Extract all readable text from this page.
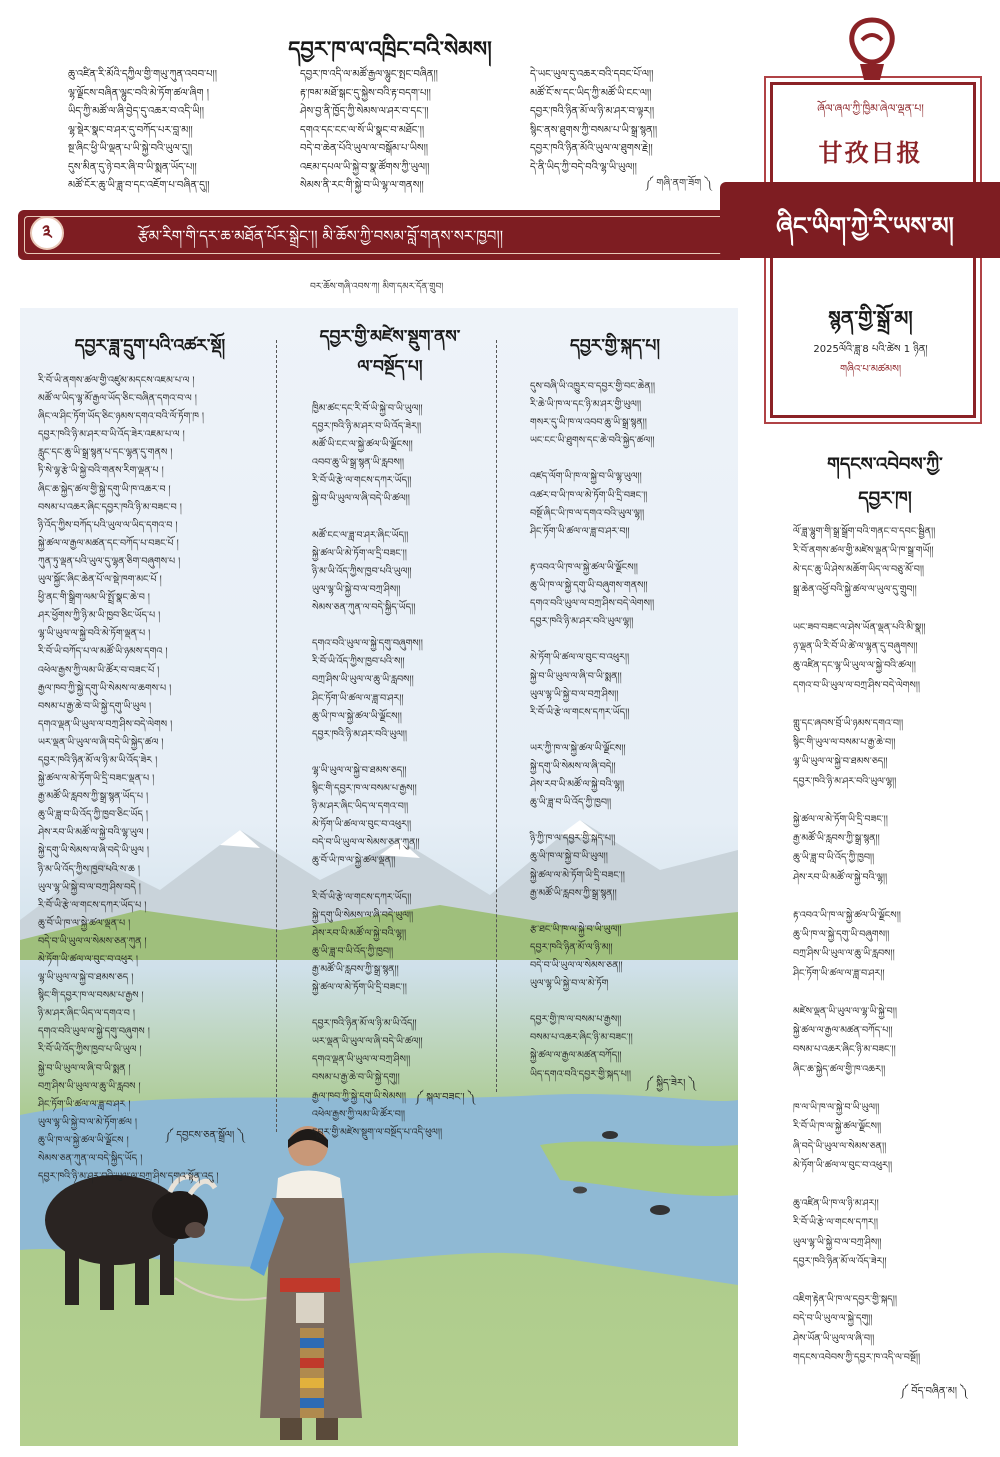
དབྱར་ཁ་ལ་འཁྲིང་བའི་སེམས།
ཆུ་འཛིན་རི་མོའི་དཀྱིལ་གྱི་གཡུ་ཀུན་འབབ་པ།།
ལྷ་ལྗོངས་བཞིན་ལྷུང་བའི་མེ་ཏོག་ཚལ་ཞིག །
ཡིད་ཀྱི་མཚོ་ལ་ཞི་བྱེད་དུ་འཆར་བ་འདི་ཡི།།
ལྷ་སྡེར་སྣང་བ་ཤར་དུ་བཀོད་པར་བླ་མ།།
སྔ་ཞིང་ཕྱི་ཡི་ལྡན་པ་ཡི་སྐྱེ་བའི་ཡུལ་དུ།།
དུས་མིན་དུ་ཉེ་བར་ཞི་བ་ཡི་སྨན་ཡོད་པ།།
མཚོ་ངོར་ཆུ་ཡི་ཟླ་བ་དང་འཇོག་པ་བཞིན་དུ།།
དབྱར་ཁ་འདི་ལ་མཚོ་རྒྱལ་ལྷུང་སྤང་བཞིན།།
རྟ་ཁམ་མཐོ་སྒང་དུ་སྐྱེས་བའི་རྟ་བདག་པ།།
ཤེས་བྱ་ནི་ཁྱོད་ཀྱི་སེམས་ལ་ཤར་བ་དང་།།
དགའ་དང་ངང་ལ་སོ་ཡི་སྣང་བ་མཐོང་།།
བདེ་བ་ཆེན་པོའི་ཡུལ་ལ་བསྒོམ་པ་ཡིས།།
འཇམ་དཔལ་ཡི་སྐྱེ་བ་སྣ་ཚོགས་ཀྱི་ཡུལ།།
སེམས་ནི་རང་གི་སྐྱེ་བ་ཡི་ལྷ་ལ་གནས།།
དེ་ཡང་ཡུལ་དུ་འཆར་བའི་དབང་པོ་ལ།།
མཚོ་ངོ་ས་དང་ཡིད་ཀྱི་མཚོ་ཡི་ངང་ལ།།
དབྱར་ཁའི་ཉིན་མོ་ལ་ཉི་མ་ཤར་བ་ལྟར།།
སྙིང་ནས་ཐུགས་ཀྱི་བསམ་པ་ཡི་སྒྲ་སྙན།།
དབྱར་ཁའི་ཉིན་མོའི་ཡུལ་ལ་ཐུགས་རྗེ།།
དེ་ནི་ཡིད་ཀྱི་བདེ་བའི་ལྷ་ཡི་ཡུལ།།
༼ གཞི་ནག་ཟོག ༽
༣	རྩོམ་རིག་གི་དར་ཆ་མཐོན་པོར་སྒྲེང་།། མི་ཆོས་ཀྱི་བསམ་བློ་གནས་སར་ཁྱབ།།
བར་ཆོས་གཞི་འབས་ཀ། མིག་དམར་དོན་གྲུབ།
ཞོལ་ཞལ་ཀྱི་ཁྱིམ་ཞེལ་ལྡན་པ།
甘孜日报
ཞིང་ཡིག་ཀྱེ་རི་ཡས་མ།
སྙན་གྱི་སྒྲོ་མ།
2025ལོའི་ཟླ་8 པའི་ཚེས 1 ཉིན།
གཞིའ་པ་མཚམས།
དབྱར་ཟླ་དྲུག་པའི་འཚར་སྡོ།
རི་བོ་ཡི་ནགས་ཚལ་གྱི་འཛུམ་མདངས་འཇམ་པ་ལ །
མཚོ་ལ་ཡིད་ལྷ་མོ་རྒྱལ་ཡོད་ཅིང་བཞིན་དགའ་བ་ལ །
ཞིང་ལ་ཤིང་ཏོག་ཡོད་ཅིང་ཉམས་དགའ་བའི་ལོ་ཏོག་ཁ །
དབྱར་ཁའི་ཉི་མ་ཤར་བ་ཡི་འོད་ཟེར་འཇམ་པ་ལ །
རླུང་དང་ཆུ་ཡི་སྒྲ་སྙན་པ་དང་ལྷན་དུ་གནས །
ཏི་སེ་ལྷ་རྩེ་ཡི་སྐྱེ་བའི་གནས་རིག་ལྡན་པ །
ཞིང་ཆ་སྐྱེད་ཚལ་གྱི་སྐྱེ་དགུ་ཡི་ཁ་འཆར་བ །
བསམ་པ་འཆར་ཞིང་དབྱར་ཁའི་ཉི་མ་བཟང་བ །
ཉི་འོད་ཀྱིས་བཀོད་པའི་ཡུལ་ལ་ཡིད་དགའ་བ །
སྐྱེ་ཚལ་ལ་རྒྱལ་མཚན་དང་བཀོད་པ་བཟང་པོ །
ཀུན་ཏུ་ལྡན་པའི་ཡུལ་དུ་ལྷན་ཅིག་བཞུགས་པ །
ཡུལ་སྐྱོང་ཞིང་ཆེན་པོ་ལ་སྡེ་ཁག་མང་པོ །
ཕྱི་ནང་གི་སྒྲིག་ལམ་ཡི་སྤྲོ་སྣང་ཆེ་བ །
ཤར་ཕྱོགས་ཀྱི་ཉི་མ་ཡི་ཁྱབ་ཅིང་ཡོད་པ །
ལྷ་ཡི་ཡུལ་ལ་སྐྱེ་བའི་མེ་ཏོག་ལྡན་པ །
རི་བོ་ཡི་བཀོད་པ་ལ་མཚོ་ཡི་ཉམས་དགའ །
འཕེལ་རྒྱས་ཀྱི་ལམ་ཡི་ཚོར་བ་བཟང་པོ །
རྒྱལ་ཁབ་ཀྱི་སྐྱེ་དགུ་ཡི་སེམས་ལ་ཆགས་པ །
བསམ་པ་རྒྱ་ཆེ་བ་ཡི་སྐྱེ་དགུ་ཡི་ཡུལ །
དགའ་ལྡན་ཡི་ཡུལ་ལ་བཀྲ་ཤིས་བདེ་ལེགས །
ཡར་ལྡན་ཡི་ཡུལ་ལ་ཞི་བདེ་ཡི་སྐྱེད་ཚལ །
དབྱར་ཁའི་ཉིན་མོ་ལ་ཉི་མ་ཡི་འོད་ཟེར །
སྐྱེ་ཚལ་ལ་མེ་ཏོག་ཡི་དྲི་བཟང་ལྡན་པ །
རྒྱ་མཚོ་ཡི་རླབས་ཀྱི་སྒྲ་སྙན་ཡོད་པ །
ཆུ་ཡི་ཟླ་བ་ཡི་འོད་ཀྱི་ཁྱབ་ཅིང་ཡོད །
ཤེས་རབ་ཡི་མཚོ་ལ་སྐྱེ་བའི་ལྷ་ཡུལ །
སྐྱེ་དགུ་ཡི་སེམས་ལ་ཞི་བདེ་ཡི་ཡུལ །
ཉི་མ་ཡི་འོད་ཀྱིས་ཁྱབ་པའི་ས་ཆ །
ཡུལ་ལྷ་ཡི་སྐྱེ་བ་ལ་བཀྲ་ཤིས་བདེ །
རི་བོ་ཡི་རྩེ་ལ་གངས་དཀར་ཡོད་པ །
ཆུ་བོ་ཡི་ཁ་ལ་སྐྱེ་ཚལ་ལྡན་པ །
བདེ་བ་ཡི་ཡུལ་ལ་སེམས་ཅན་ཀུན །
མེ་ཏོག་ཡི་ཚལ་ལ་བུང་བ་འཕུར །
ལྷ་ཡི་ཡུལ་ལ་སྐྱེ་བ་ཐམས་ཅད །
སྙིང་གི་དབྱར་ཁ་ལ་བསམ་པ་རྒྱས །
ཉི་མ་ཤར་ཞིང་ཡིད་ལ་དགའ་བ །
དགའ་བའི་ཡུལ་ལ་སྐྱེ་དགུ་བཞུགས །
རི་བོ་ཡི་འོད་ཀྱིས་ཁྱབ་པ་ཡི་ཡུལ །
སྐྱེ་བ་ཡི་ཡུལ་ལ་ཞི་བ་ཡི་སྨན །
བཀྲ་ཤིས་ཡི་ཡུལ་ལ་ཆུ་ཡི་རླབས །
ཤིང་ཏོག་ཡི་ཚལ་ལ་ཟླ་བ་ཤར །
ཡུལ་ལྷ་ཡི་སྐྱེ་བ་ལ་མེ་ཏོག་ཚལ །
ཆུ་ཡི་ཁ་ལ་སྐྱེ་ཚལ་ཡི་ལྗོངས །
སེམས་ཅན་ཀུན་ལ་བདེ་སྐྱིད་ཡོད །
དབྱར་ཁའི་ཉི་མ་ཤར་བའི་ཡུལ་ལ་བཀྲ་ཤིས་དགའ་སྟོན་འདུ །
༼ དབྱངས་ཅན་སྒྲོལ། ༽
དབྱར་གྱི་མཛེས་སྡུག་ནས་
ལ་བསྔོད་པ།
ཁྱིམ་ཚང་དང་རི་བོ་ཡི་སྐྱེ་བ་ཡི་ཡུལ།།
དབྱར་ཁའི་ཉི་མ་ཤར་བ་ཡི་འོད་ཟེར།།
མཚོ་ཡི་ངང་ལ་སྐྱེ་ཚལ་ཡི་ལྗོངས།།
འབབ་ཆུ་ཡི་སྒྲ་སྙན་ཡི་རླབས།།
རི་བོ་ཡི་རྩེ་ལ་གངས་དཀར་ཡོད།།
སྐྱེ་བ་ཡི་ཡུལ་ལ་ཞི་བདེ་ཡི་ཚལ།།

མཚོ་ངང་ལ་ཟླ་བ་ཤར་ཞིང་ཡོད།།
སྐྱེ་ཚལ་ཡི་མེ་ཏོག་ལ་དྲི་བཟང་།།
ཉི་མ་ཡི་འོད་ཀྱིས་ཁྱབ་པའི་ཡུལ།།
ཡུལ་ལྷ་ཡི་སྐྱེ་བ་ལ་བཀྲ་ཤིས།།
སེམས་ཅན་ཀུན་ལ་བདེ་སྐྱིད་ཡོད།།

དགའ་བའི་ཡུལ་ལ་སྐྱེ་དགུ་བཞུགས།།
རི་བོ་ཡི་འོད་ཀྱིས་ཁྱབ་པའི་ས།།
བཀྲ་ཤིས་ཡི་ཡུལ་ལ་ཆུ་ཡི་རླབས།།
ཤིང་ཏོག་ཡི་ཚལ་ལ་ཟླ་བ་ཤར།།
ཆུ་ཡི་ཁ་ལ་སྐྱེ་ཚལ་ཡི་ལྗོངས།།
དབྱར་ཁའི་ཉི་མ་ཤར་བའི་ཡུལ།།

ལྷ་ཡི་ཡུལ་ལ་སྐྱེ་བ་ཐམས་ཅད།།
སྙིང་གི་དབྱར་ཁ་ལ་བསམ་པ་རྒྱས།།
ཉི་མ་ཤར་ཞིང་ཡིད་ལ་དགའ་བ།།
མེ་ཏོག་ཡི་ཚལ་ལ་བུང་བ་འཕུར།།
བདེ་བ་ཡི་ཡུལ་ལ་སེམས་ཅན་ཀུན།།
ཆུ་བོ་ཡི་ཁ་ལ་སྐྱེ་ཚལ་ལྡན།།

རི་བོ་ཡི་རྩེ་ལ་གངས་དཀར་ཡོད།།
སྐྱེ་དགུ་ཡི་སེམས་ལ་ཞི་བདེ་ཡུལ།།
ཤེས་རབ་ཡི་མཚོ་ལ་སྐྱེ་བའི་ལྷ།།
ཆུ་ཡི་ཟླ་བ་ཡི་འོད་ཀྱི་ཁྱབ།།
རྒྱ་མཚོ་ཡི་རླབས་ཀྱི་སྒྲ་སྙན།།
སྐྱེ་ཚལ་ལ་མེ་ཏོག་ཡི་དྲི་བཟང་།།

དབྱར་ཁའི་ཉིན་མོ་ལ་ཉི་མ་ཡི་འོད།།
ཡར་ལྡན་ཡི་ཡུལ་ལ་ཞི་བདེ་ཡི་ཚལ།།
དགའ་ལྡན་ཡི་ཡུལ་ལ་བཀྲ་ཤིས།།
བསམ་པ་རྒྱ་ཆེ་བ་ཡི་སྐྱེ་དགུ།།
རྒྱལ་ཁབ་ཀྱི་སྐྱེ་དགུ་ཡི་སེམས།།
འཕེལ་རྒྱས་ཀྱི་ལམ་ཡི་ཚོར་བ།།
དབྱར་གྱི་མཛེས་སྡུག་ལ་བསྔོད་པ་འདི་ཕུལ།།
༼ སྐལ་བཟང་། ༽
དབྱར་གྱི་སྐད་པ།
དུས་བཞི་ཡི་འཁྱུར་བ་དབྱར་གྱི་བང་ཆེན།།
རི་ཆེ་ཡི་ཁ་ལ་དང་ཉི་མ་ཤར་གྱི་ཡུལ།།
གསར་དུ་ཡི་ཁ་ལ་འབབ་ཆུ་ཡི་སྒྲ་སྙན།།
ཡང་ངང་ཡི་ཐུགས་དང་ཆེ་བའི་སྐྱེད་ཚལ།།

འཛད་ལོག་ཡི་ཁ་ལ་སྐྱེ་བ་ཡི་ལྷ་ཡུལ།།
འཚར་བ་ཡི་ཁ་ལ་མེ་ཏོག་ཡི་དྲི་བཟང་།།
བསྔོ་ཞིང་ཡི་ཁ་ལ་དགའ་བའི་ཡུལ་ལྷ།།
ཤིང་ཏོག་ཡི་ཚལ་ལ་ཟླ་བ་ཤར་བ།།

རྟ་འབའ་ཡི་ཁ་ལ་སྐྱེ་ཚལ་ཡི་ལྗོངས།།
ཆུ་ཡི་ཁ་ལ་སྐྱེ་དགུ་ཡི་བཞུགས་གནས།།
དགའ་བའི་ཡུལ་ལ་བཀྲ་ཤིས་བདེ་ལེགས།།
དབྱར་ཁའི་ཉི་མ་ཤར་བའི་ཡུལ་ལྷ།།

མེ་ཏོག་ཡི་ཚལ་ལ་བུང་བ་འཕུར།།
སྐྱེ་བ་ཡི་ཡུལ་ལ་ཞི་བ་ཡི་སྨན།།
ཡུལ་ལྷ་ཡི་སྐྱེ་བ་ལ་བཀྲ་ཤིས།།
རི་བོ་ཡི་རྩེ་ལ་གངས་དཀར་ཡོད།།

ཡར་ཀྱི་ཁ་ལ་སྐྱེ་ཚལ་ཡི་ལྗོངས།།
སྐྱེ་དགུ་ཡི་སེམས་ལ་ཞི་བདེ།།
ཤེས་རབ་ཡི་མཚོ་ལ་སྐྱེ་བའི་ལྷ།།
ཆུ་ཡི་ཟླ་བ་ཡི་འོད་ཀྱི་ཁྱབ།།

ཉི་ཀྱི་ཁ་ལ་དབྱར་གྱི་སྐད་པ།།
ཆུ་ཡི་ཁ་ལ་སྐྱེ་བ་ཡི་ཡུལ།།
སྐྱེ་ཚལ་ལ་མེ་ཏོག་ཡི་དྲི་བཟང་།།
རྒྱ་མཚོ་ཡི་རླབས་ཀྱི་སྒྲ་སྙན།།

རྩ་ཐང་ཡི་ཁ་ལ་སྐྱེ་བ་ཡི་ཡུལ།།
དབྱར་ཁའི་ཉིན་མོ་ལ་ཉི་མ།།
བདེ་བ་ཡི་ཡུལ་ལ་སེམས་ཅན།།
ཡུལ་ལྷ་ཡི་སྐྱེ་བ་ལ་མེ་ཏོག

དབྱར་གྱི་ཁ་ལ་བསམ་པ་རྒྱས།།
བསམ་པ་འཆར་ཞིང་ཉི་མ་བཟང་།།
སྐྱེ་ཚལ་ལ་རྒྱལ་མཚན་བཀོད།།
ཡིད་དགའ་བའི་དབྱར་གྱི་སྐད་པ།།
༼ སྐྱིད་ཟེར། ༽
གདངས་འབེབས་ཀྱི་
དབྱར་ཁ།
ལོ་ཟླ་ལྷུག་གི་སྒྲ་སྒྲོག་བའི་གནང་བ་དབང་སྦྱིན།།
རི་བོ་ནགས་ཚལ་གྱི་མཛེས་ལྡན་ཡི་ཁ་སྒྲ་གཡོ།།
མེ་དང་ཆུ་ཡི་ཤེས་མཆོག་ཡིད་ལ་བཅུ་མོ་བ།།
སྒྲ་ཆེན་འཕྱོ་བའི་སྐྱེ་ཚལ་ལ་ཡུལ་དུ་གྲུབ།།

ཡང་ཟབ་བཟང་ལ་ཤེས་ཡོན་ལྡན་པའི་མི་སྣ།།
ཉ་ལྡན་ཡི་རི་བོ་ཡི་ཚེ་ལ་ལྷན་དུ་བཞུགས།།
ཆུ་འཛིན་དང་ལྷ་ཡི་ཡུལ་ལ་སྐྱེ་བའི་ཚལ།།
དགའ་བ་ཡི་ཡུལ་ལ་བཀྲ་ཤིས་བདེ་ལེགས།།

གླུ་དང་ཞབས་བྲོ་ཡི་ཉམས་དགའ་བ།།
སྙིང་གི་ཡུལ་ལ་བསམ་པ་རྒྱ་ཆེ་བ།།
ལྷ་ཡི་ཡུལ་ལ་སྐྱེ་བ་ཐམས་ཅད།།
དབྱར་ཁའི་ཉི་མ་ཤར་བའི་ཡུལ་ལྷ།།

སྐྱེ་ཚལ་ལ་མེ་ཏོག་ཡི་དྲི་བཟང་།།
རྒྱ་མཚོ་ཡི་རླབས་ཀྱི་སྒྲ་སྙན།།
ཆུ་ཡི་ཟླ་བ་ཡི་འོད་ཀྱི་ཁྱབ།།
ཤེས་རབ་ཡི་མཚོ་ལ་སྐྱེ་བའི་ལྷ།།

རྟ་འབའ་ཡི་ཁ་ལ་སྐྱེ་ཚལ་ཡི་ལྗོངས།།
ཆུ་ཡི་ཁ་ལ་སྐྱེ་དགུ་ཡི་བཞུགས།།
བཀྲ་ཤིས་ཡི་ཡུལ་ལ་ཆུ་ཡི་རླབས།།
ཤིང་ཏོག་ཡི་ཚལ་ལ་ཟླ་བ་ཤར།།

མཛེས་ལྡན་ཡི་ཡུལ་ལ་ལྷ་ཡི་སྐྱེ་བ།།
སྐྱེ་ཚལ་ལ་རྒྱལ་མཚན་བཀོད་པ།།
བསམ་པ་འཆར་ཞིང་ཉི་མ་བཟང་།།
ཞིང་ཆ་སྐྱེད་ཚལ་གྱི་ཁ་འཆར།།

ཁ་ལ་ཡི་ཁ་ལ་སྐྱེ་བ་ཡི་ཡུལ།།
རི་བོ་ཡི་ཁ་ལ་སྐྱེ་ཚལ་ལྗོངས།།
ཞི་བདེ་ཡི་ཡུལ་ལ་སེམས་ཅན།།
མེ་ཏོག་ཡི་ཚལ་ལ་བུང་བ་འཕུར།།

ཆུ་འཛིན་ཡི་ཁ་ལ་ཉི་མ་ཤར།།
རི་བོ་ཡི་རྩེ་ལ་གངས་དཀར།།
ཡུལ་ལྷ་ཡི་སྐྱེ་བ་ལ་བཀྲ་ཤིས།།
དབྱར་ཁའི་ཉིན་མོ་ལ་འོད་ཟེར།།

འཇིག་རྟེན་ཡི་ཁ་ལ་དབྱར་གྱི་སྐད།།
བདེ་བ་ཡི་ཡུལ་ལ་སྐྱེ་དགུ།།
ཤེས་ཡོན་ཡི་ཡུལ་ལ་ཞི་བ།།
གདངས་འབེབས་ཀྱི་དབྱར་ཁ་འདི་ལ་བསྔོ།།
༼ བོད་བཞིན་མ། ༽
